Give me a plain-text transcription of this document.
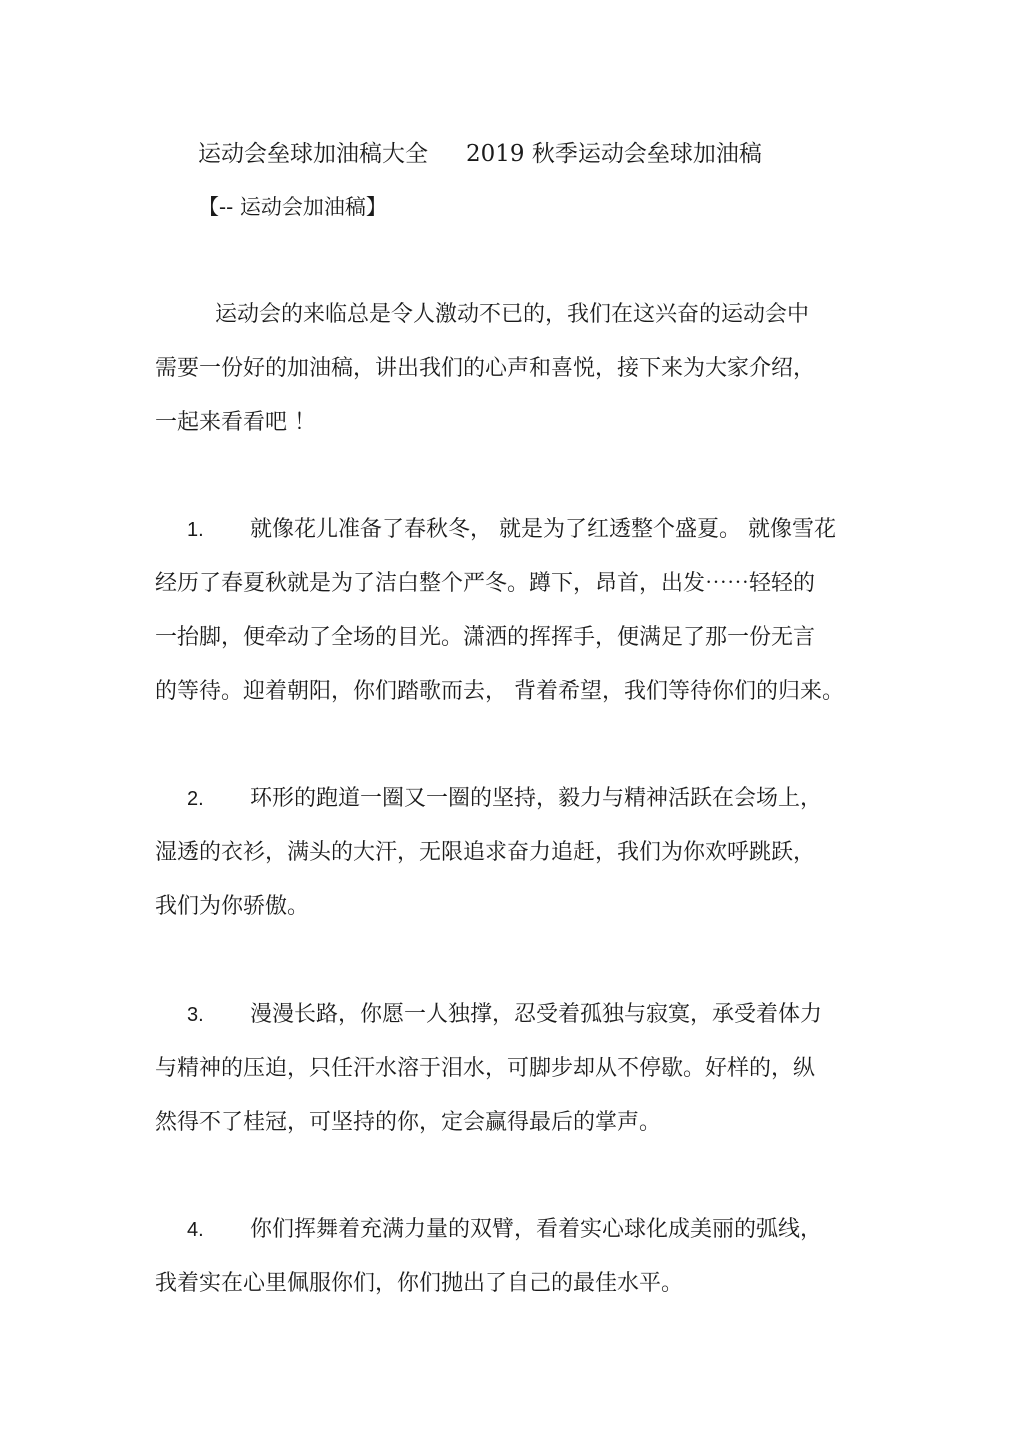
运动会垒球加油稿大全 2019 秋季运动会垒球加油稿
【-- 运动会加油稿】
运动会的来临总是令人激动不已的，我们在这兴奋的运动会中
需要一份好的加油稿，讲出我们的心声和喜悦，接下来为大家介绍，
一起来看看吧 ！
1. 就像花儿准备了春秋冬， 就是为了红透整个盛夏。 就像雪花
经历了春夏秋就是为了洁白整个严冬。蹲下，昂首，出发⋯⋯轻轻的
一抬脚，便牵动了全场的目光。潇洒的挥挥手，便满足了那一份无言
的等待。迎着朝阳，你们踏歌而去， 背着希望，我们等待你们的归来。
2. 环形的跑道一圈又一圈的坚持，毅力与精神活跃在会场上，
湿透的衣衫，满头的大汗，无限追求奋力追赶，我们为你欢呼跳跃，
我们为你骄傲。
3. 漫漫长路，你愿一人独撑，忍受着孤独与寂寞，承受着体力
与精神的压迫，只任汗水溶于泪水，可脚步却从不停歇。好样的，纵
然得不了桂冠，可坚持的你，定会赢得最后的掌声。
4. 你们挥舞着充满力量的双臂，看着实心球化成美丽的弧线，
我着实在心里佩服你们，你们抛出了自己的最佳水平。
